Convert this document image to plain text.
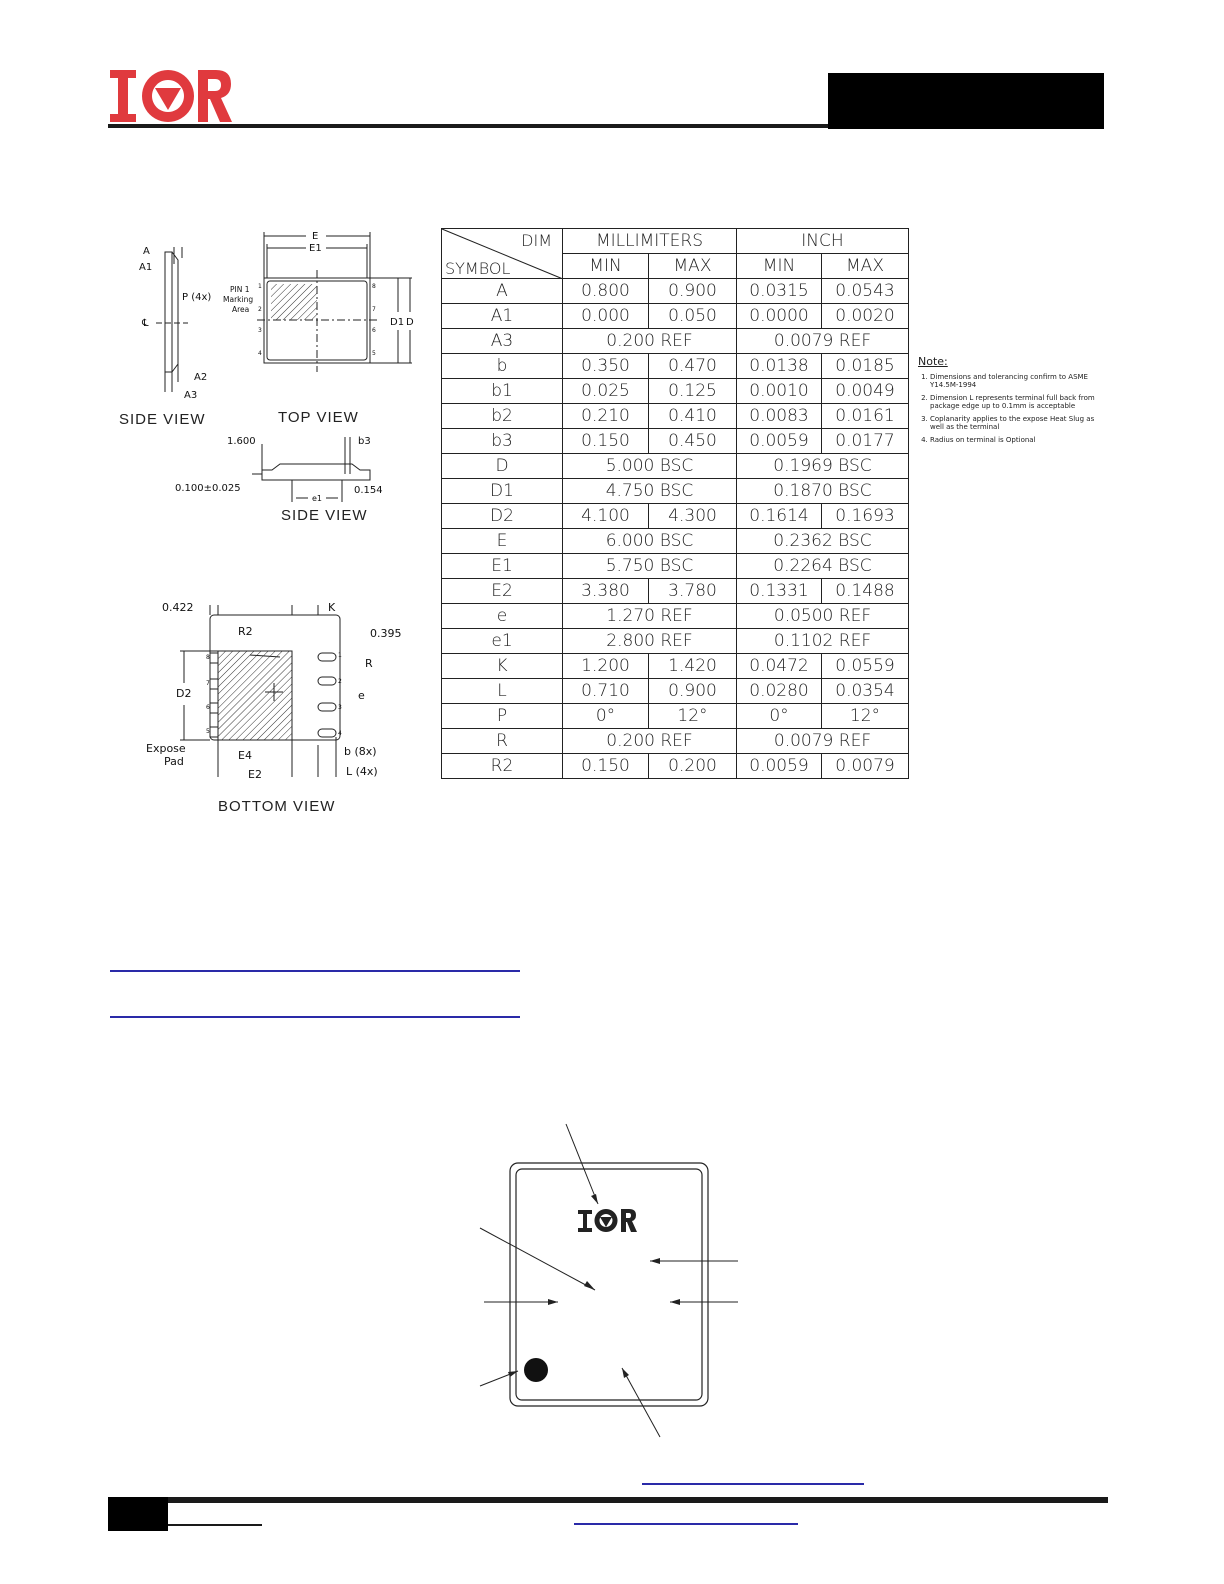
A
A1
P (4x)
℄
A2
A3
E
E1
PIN 1
Marking
Area
D1 D
1
2
3
4	5
6
7
8
1.600	b3
0.100±0.025
e1
0.154
SIDE VIEW	TOP VIEW
SIDE VIEW
0.422	K
R2	0.395
R
e
D2
Expose
Pad	E4
E2
b (8x)
L (4x)
8
7
6
5
1
2
3
4
BOTTOM VIEW
DIM
SYMBOL	MILLIMITERS		INCH	
	MIN	MAX	MIN	MAX
A	0.800	0.900	0.0315	0.0543
A1	0.000	0.050	0.0000	0.0020
A3	0.200 REF		0.0079 REF	
b	0.350	0.470	0.0138	0.0185
b1	0.025	0.125	0.0010	0.0049
b2	0.210	0.410	0.0083	0.0161
b3	0.150	0.450	0.0059	0.0177
D	5.000 BSC		0.1969 BSC	
D1	4.750 BSC		0.1870 BSC	
D2	4.100	4.300	0.1614	0.1693
E	6.000 BSC		0.2362 BSC	
E1	5.750 BSC		0.2264 BSC	
E2	3.380	3.780	0.1331	0.1488
e	1.270 REF		0.0500 REF	
e1	2.800 REF		0.1102 REF	
K	1.200	1.420	0.0472	0.0559
L	0.710	0.900	0.0280	0.0354
P	0°	12°	0°	12°
R	0.200 REF		0.0079 REF	
R2	0.150	0.200	0.0059	0.0079
Note:
1. Dimensions and tolerancing confirm to ASME Y14.5M-1994
2. Dimension L represents terminal full back from package edge up to 0.1mm is acceptable
3. Coplanarity applies to the expose Heat Slug as well as the terminal
4. Radius on terminal is Optional
